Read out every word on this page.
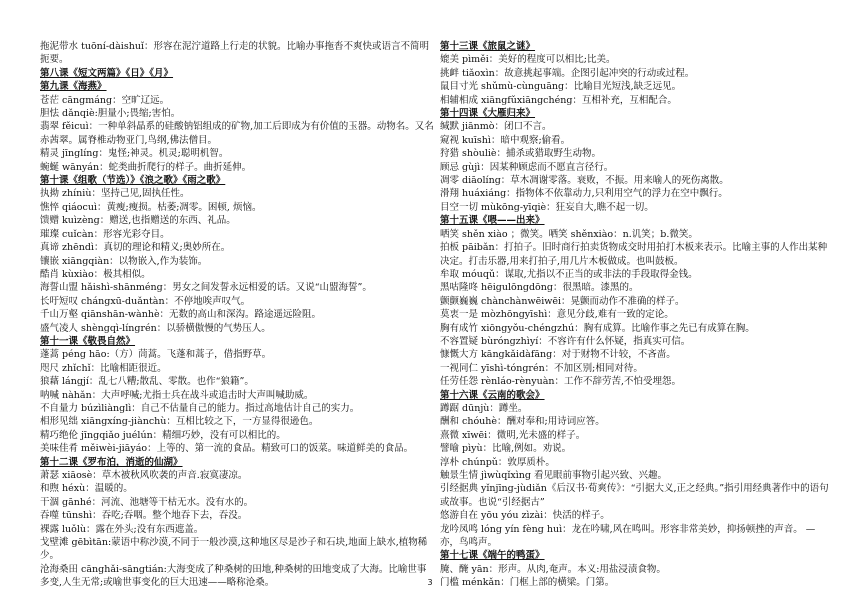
拖泥带水 tuōní-dàishuǐ：形容在泥泞道路上行走的状貌。比喻办事拖沓不爽快或语言不简明扼要。
第八课《短文两篇》《日》《月》
第九课《海燕》
苍茫 cāngmáng：空旷辽远。
胆怯 dǎnqiè:胆量小;畏缩;害怕。
翡翠 fěicuì：一种单斜晶系的硅酸钠铝组成的矿物,加工后即成为有价值的玉器。动物名。又名赤茜翠。属脊椎动物亚门,鸟纲,佛法僧目。
精灵 jīnglíng：鬼怪;神灵。机灵;聪明机智。
蜿蜒 wānyán：蛇类曲折爬行的样子。曲折延伸。
第十课《组歌（节选）》《浪之歌》《雨之歌》
执拗 zhíniù：坚持己见,固执任性。
憔悴 qiáocuì：黄瘦;瘦损。枯萎;凋零。困顿, 烦恼。
馈赠 kuìzèng：赠送,也指赠送的东西、礼品。
璀璨 cuǐcàn：形容光彩夺目。
真谛 zhēndì：真切的理论和精义;奥妙所在。
镶嵌 xiāngqiàn：以物嵌入,作为装饰。
酷肖 kùxiào：极其相似。
海誓山盟 hǎishì-shānméng：男女之间发誓永远相爱的话。又说“山盟海誓”。
长吁短叹 chángxū-duǎntàn：不停地唉声叹气。
千山万壑 qiānshān-wànhè：无数的高山和深沟。路途遥远险阻。
盛气凌人 shèngqì-língrén：以骄横傲慢的气势压人。
第十一课《敬畏自然》
蓬蒿 péng hāo:（方）茼蒿。飞蓬和蒿子，借指野草。
咫尺 zhǐchǐ：比喻相距很近。
狼藉 lángjí：乱七八糟;散乱、零散。也作“狼籍”。
呐喊 nàhǎn：大声呼喊;尤指士兵在战斗或追击时大声叫喊助威。
不自量力 búzìliànglì：自己不估量自己的能力。指过高地估计自己的实力。
相形见绌 xiāngxíng-jiànchù：互相比较之下，一方显得很逊色。
精巧绝伦 jīngqiǎo juélún：精细巧妙，没有可以相比的。
美味佳肴 měiwèi-jiāyáo：上等的、第一流的食品。精致可口的饭菜。味道鲜美的食品。
第十二课《罗布泊，消逝的仙湖》
萧瑟 xiāosè：草木被秋风吹袭的声音.寂寞凄凉。
和煦 héxù：温暖的。
干涸 gānhé：河流、池塘等干枯无水。没有水的。
吞噬 tūnshì：吞吃;吞咽。整个地吞下去，吞没。
裸露 luǒlù：露在外头;没有东西遮盖。
戈壁滩 gēbìtān:蒙语中称沙漠,不同于一般沙漠,这种地区尽是沙子和石块,地面上缺水,植物稀少。
沧海桑田 cānghǎi-sāngtián:大海变成了种桑树的田地,种桑树的田地变成了大海。比喻世事多变,人生无常;或喻世事变化的巨大迅速——略称沧桑。
第十三课《旅鼠之谜》
媲美 pìměi：美好的程度可以相比;比美。
挑衅 tiǎoxìn：故意挑起事端。企图引起冲突的行动或过程。
鼠目寸光 shǔmù-cùnguāng：比喻目光短浅,缺乏远见。
相辅相成 xiāngfǔxiāngchéng：互相补充，互相配合。
第十四课《大雁归来》
缄默 jiānmò：闭口不言。
窥视 kuīshì：暗中观察;偷看。
狩猎 shòuliè：捕杀或猎取野生动物。
顾忌 gùjì：因某种顾虑而不愿直言径行。
凋零 diāolíng：草木凋谢零落。衰败，不振。用来喻人的死伤离散。
滑翔 huáxiáng：指物体不依靠动力,只利用空气的浮力在空中飘行。
目空一切 mùkōng-yīqiè：狂妄自大,瞧不起一切。
第十五课《喂——出来》
哂笑 shěn xiào ；微笑。哂笑 shěnxiào：n.讥笑；b.微笑。
拍板 pāibǎn：打拍子。旧时商行拍卖货物成交时用拍打木板来表示。比喻主事的人作出某种决定。打击乐器,用来打拍子,用几片木板做成。也叫鼓板。
牟取 móuqǔ：谋取,尤指以不正当的或非法的手段取得金钱。
黑咕隆咚 hēigulōngdōng：很黑暗。漆黑的。
颤颤巍巍 chànchànwēiwēi：晃颤而动作不准确的样子。
莫衷一是 mòzhōngyīshì：意见分歧,难有一致的定论。
胸有成竹 xiōngyǒu-chéngzhú：胸有成算。比喻作事之先已有成算在胸。
不容置疑 bùróngzhìyí：不容许有什么怀疑，指真实可信。
慷慨大方 kāngkǎidàfāng：对于财物不计较，不吝啬。
一视同仁 yīshì-tóngrén：不加区别;相同对待。
任劳任怨 rènláo-rènyuàn：工作不辞劳苦,不怕受埋怨。
第十六课《云南的歌会》
蹲踞 dūnjù：蹲坐。
酬和 chóuhè：酬对奉和;用诗词应答。
熹微 xīwēi：微明,光未盛的样子。
譬喻 pìyù：比喻,例如。劝说。
淳朴 chúnpǔ：敦厚质朴。
触景生情 jìwùqǐxìng 看见眼前事物引起兴致、兴趣。
引经据典 yǐnjīng-jùdiǎn《后汉书·荀爽传》：“引据大义,正之经典。”指引用经典著作中的语句或故事。也说“引经据古”
悠游自在 yōu yóu zìzài：快活的样子。
龙吟凤鸣 lóng yín fèng huì：龙在吟啸,风在鸣叫。形容非常美妙，抑扬顿挫的声音。 — 亦，鸟鸣声。
第十七课《端午的鸭蛋》
腌、醃 yān：形声。从肉,奄声。本义:用盐浸渍食物。
门槛 ménkǎn：门框上部的横梁。门第。
3
